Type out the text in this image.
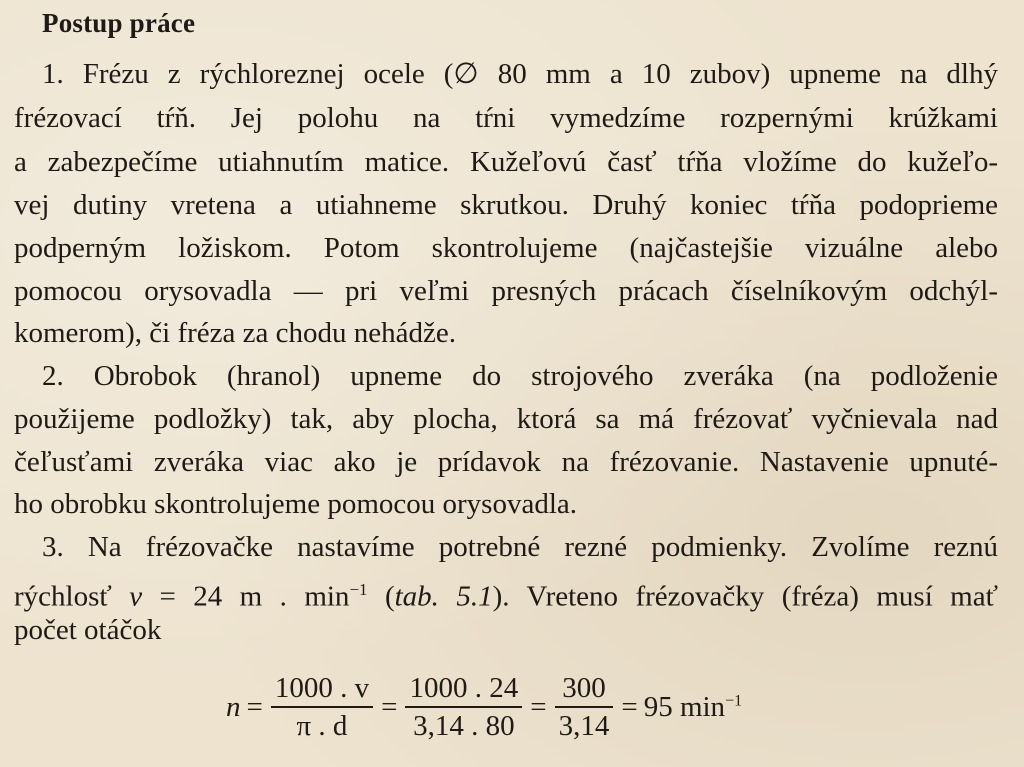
Postup práce
1. Frézu z rýchloreznej ocele (∅ 80 mm a 10 zubov) upneme na dlhý
frézovací tŕň. Jej polohu na tŕni vymedzíme rozpernými krúžkami
a zabezpečíme utiahnutím matice. Kužeľovú časť tŕňa vložíme do kužeľo-
vej dutiny vretena a utiahneme skrutkou. Druhý koniec tŕňa podoprieme
podperným ložiskom. Potom skontrolujeme (najčastejšie vizuálne alebo
pomocou orysovadla — pri veľmi presných prácach číselníkovým odchýl-
komerom), či fréza za chodu nehádže.
2. Obrobok (hranol) upneme do strojového zveráka (na podloženie
použijeme podložky) tak, aby plocha, ktorá sa má frézovať vyčnievala nad
čeľusťami zveráka viac ako je prídavok na frézovanie. Nastavenie upnuté-
ho obrobku skontrolujeme pomocou orysovadla.
3. Na frézovačke nastavíme potrebné rezné podmienky. Zvolíme reznú
rýchlosť v = 24 m . $\min^{-1} (tab$. 5.1). Vreteno frézovačky (fréza) musí mať
počet otáčok
$n = \frac{1000 . v}{\pi . d} = \frac{1000 . 24}{3,14 . 80} = \frac{300}{3,14} = 95$ $\min^{-1}$
